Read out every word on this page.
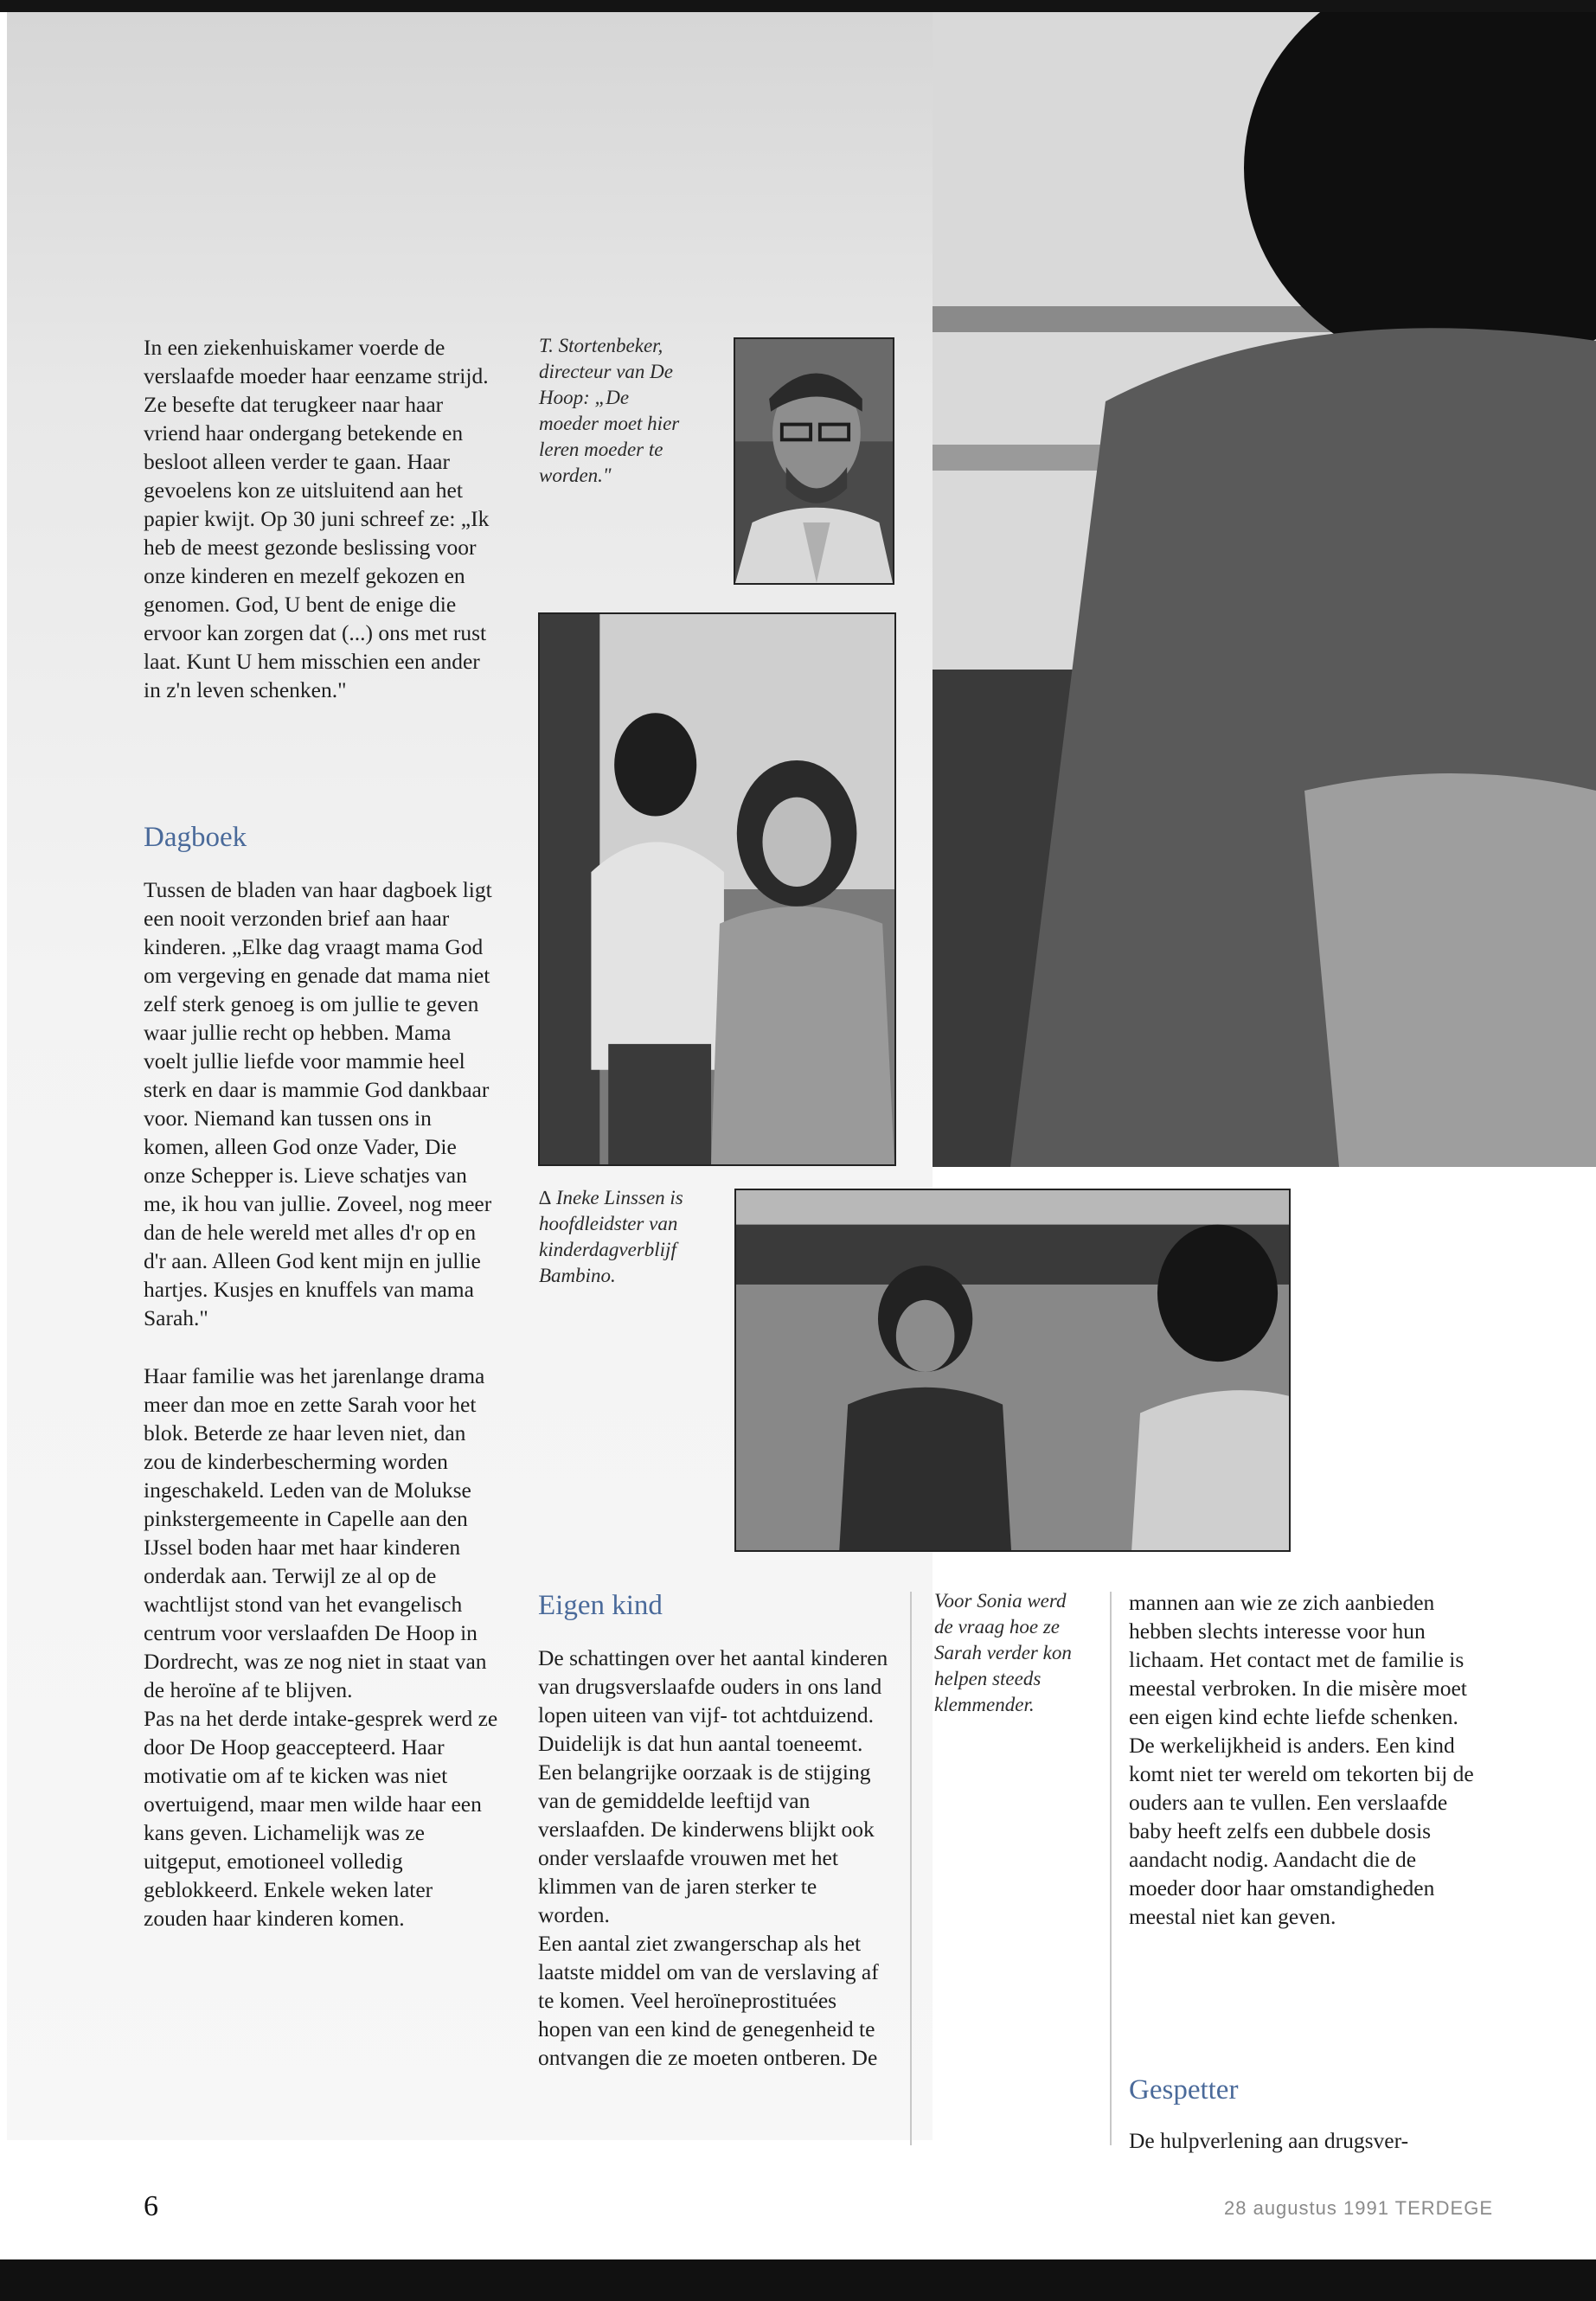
In een ziekenhuiskamer voerde de verslaafde moeder haar eenzame strijd. Ze besefte dat terugkeer naar haar vriend haar ondergang betekende en besloot alleen verder te gaan. Haar gevoelens kon ze uitsluitend aan het papier kwijt. Op 30 juni schreef ze: „Ik heb de meest gezonde beslissing voor onze kinderen en mezelf gekozen en genomen. God, U bent de enige die ervoor kan zorgen dat (...) ons met rust laat. Kunt U hem misschien een ander in z'n leven schenken."

Dagboek

Tussen de bladen van haar dagboek ligt een nooit verzonden brief aan haar kinderen. „Elke dag vraagt mama God om vergeving en genade dat mama niet zelf sterk genoeg is om jullie te geven waar jullie recht op hebben. Mama voelt jullie liefde voor mammie heel sterk en daar is mammie God dankbaar voor. Niemand kan tussen ons in komen, alleen God onze Vader, Die onze Schepper is. Lieve schatjes van me, ik hou van jullie. Zoveel, nog meer dan de hele wereld met alles d'r op en d'r aan. Alleen God kent mijn en jullie hartjes. Kusjes en knuffels van mama Sarah."

Haar familie was het jarenlange drama meer dan moe en zette Sarah voor het blok. Beterde ze haar leven niet, dan zou de kinderbescherming worden ingeschakeld. Leden van de Molukse pinkstergemeente in Capelle aan den IJssel boden haar met haar kinderen onderdak aan. Terwijl ze al op de wachtlijst stond van het evangelisch centrum voor verslaafden De Hoop in Dordrecht, was ze nog niet in staat van de heroïne af te blijven.

Pas na het derde intake-gesprek werd ze door De Hoop geaccepteerd. Haar motivatie om af te kicken was niet overtuigend, maar men wilde haar een kans geven. Lichamelijk was ze uitgeput, emotioneel volledig geblokkeerd. Enkele weken later zouden haar kinderen komen.

T. Stortenbeker, directeur van De Hoop: „De moeder moet hier leren moeder te worden."
∆ Ineke Linssen is hoofdleidster van kinderdagverblijf Bambino.
Eigen kind

De schattingen over het aantal kinderen van drugsverslaafde ouders in ons land lopen uiteen van vijf- tot achtduizend. Duidelijk is dat hun aantal toeneemt. Een belangrijke oorzaak is de stijging van de gemiddelde leeftijd van verslaafden. De kinderwens blijkt ook onder verslaafde vrouwen met het klimmen van de jaren sterker te worden.

Een aantal ziet zwangerschap als het laatste middel om van de verslaving af te komen. Veel heroïneprostituées hopen van een kind de genegenheid te ontvangen die ze moeten ontberen. De

Voor Sonia werd de vraag hoe ze Sarah verder kon helpen steeds klemmender.

mannen aan wie ze zich aanbieden hebben slechts interesse voor hun lichaam. Het contact met de familie is meestal verbroken. In die misère moet een eigen kind echte liefde schenken.

De werkelijkheid is anders. Een kind komt niet ter wereld om tekorten bij de ouders aan te vullen. Een verslaafde baby heeft zelfs een dubbele dosis aandacht nodig. Aandacht die de moeder door haar omstandigheden meestal niet kan geven.

Gespetter

De hulpverlening aan drugsver-

6	28 augustus 1991 TERDEGE
